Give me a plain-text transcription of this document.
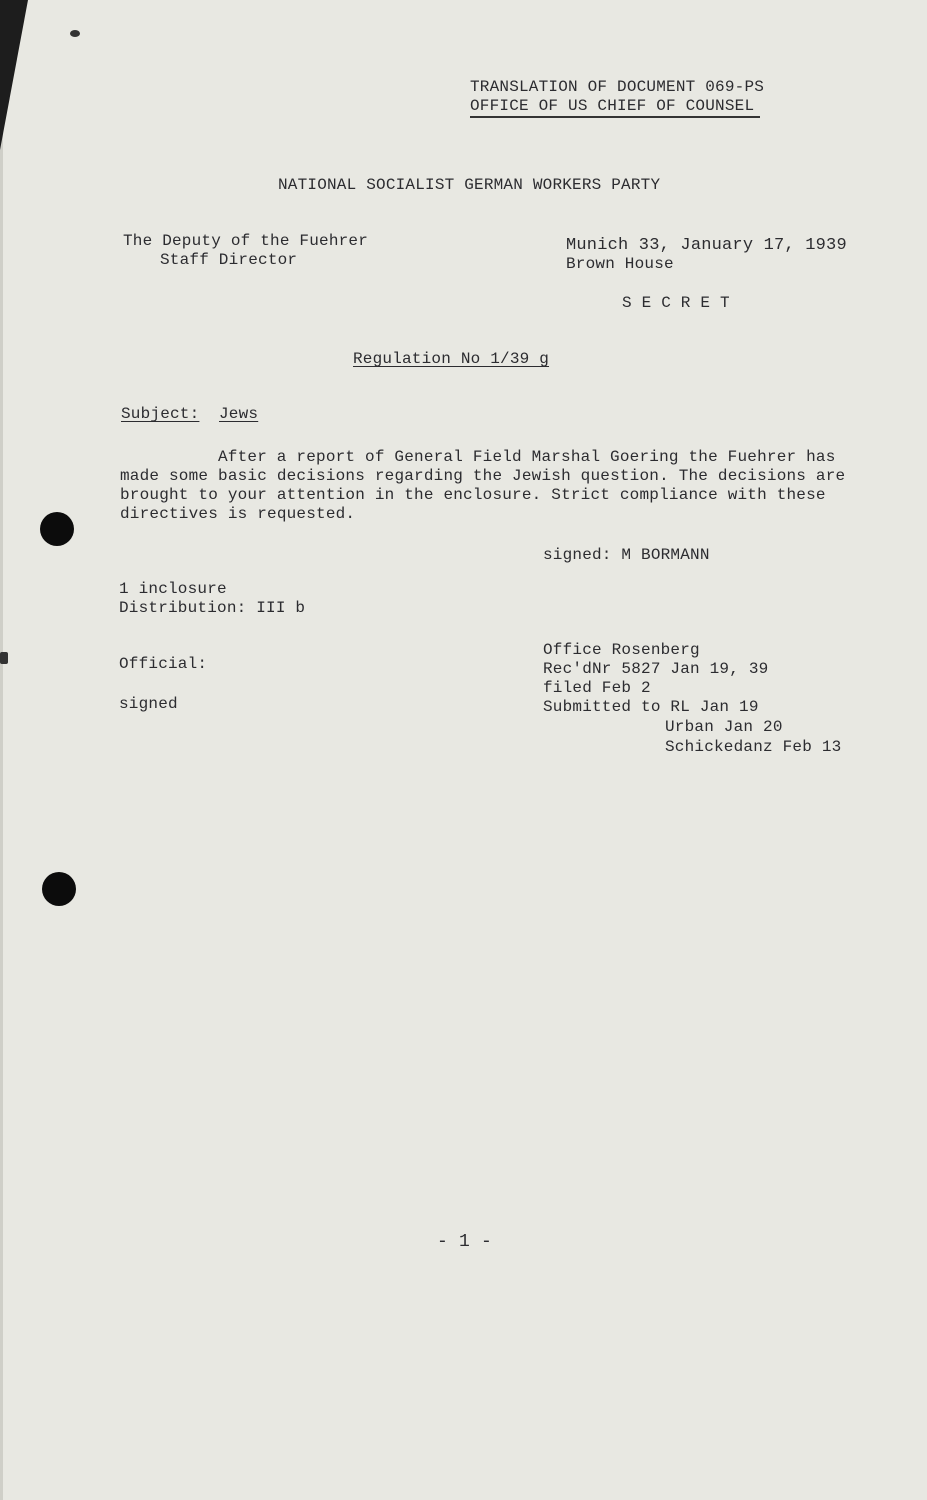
TRANSLATION OF DOCUMENT 069-PS
OFFICE OF US CHIEF OF COUNSEL
NATIONAL SOCIALIST GERMAN WORKERS PARTY
The Deputy of the Fuehrer
Staff Director
Munich 33, January 17, 1939
Brown House
S E C R E T
Regulation No 1/39 g
Subject: Jews
After a report of General Field Marshal Goering the Fuehrer has
made some basic decisions regarding the Jewish question. The decisions are
brought to your attention in the enclosure. Strict compliance with these
directives is requested.
signed: M BORMANN
1 inclosure
Distribution: III b
Official:
signed
Office Rosenberg
Rec'dNr 5827 Jan 19, 39
filed Feb 2
Submitted to RL Jan 19
Urban Jan 20
Schickedanz Feb 13
- 1 -
